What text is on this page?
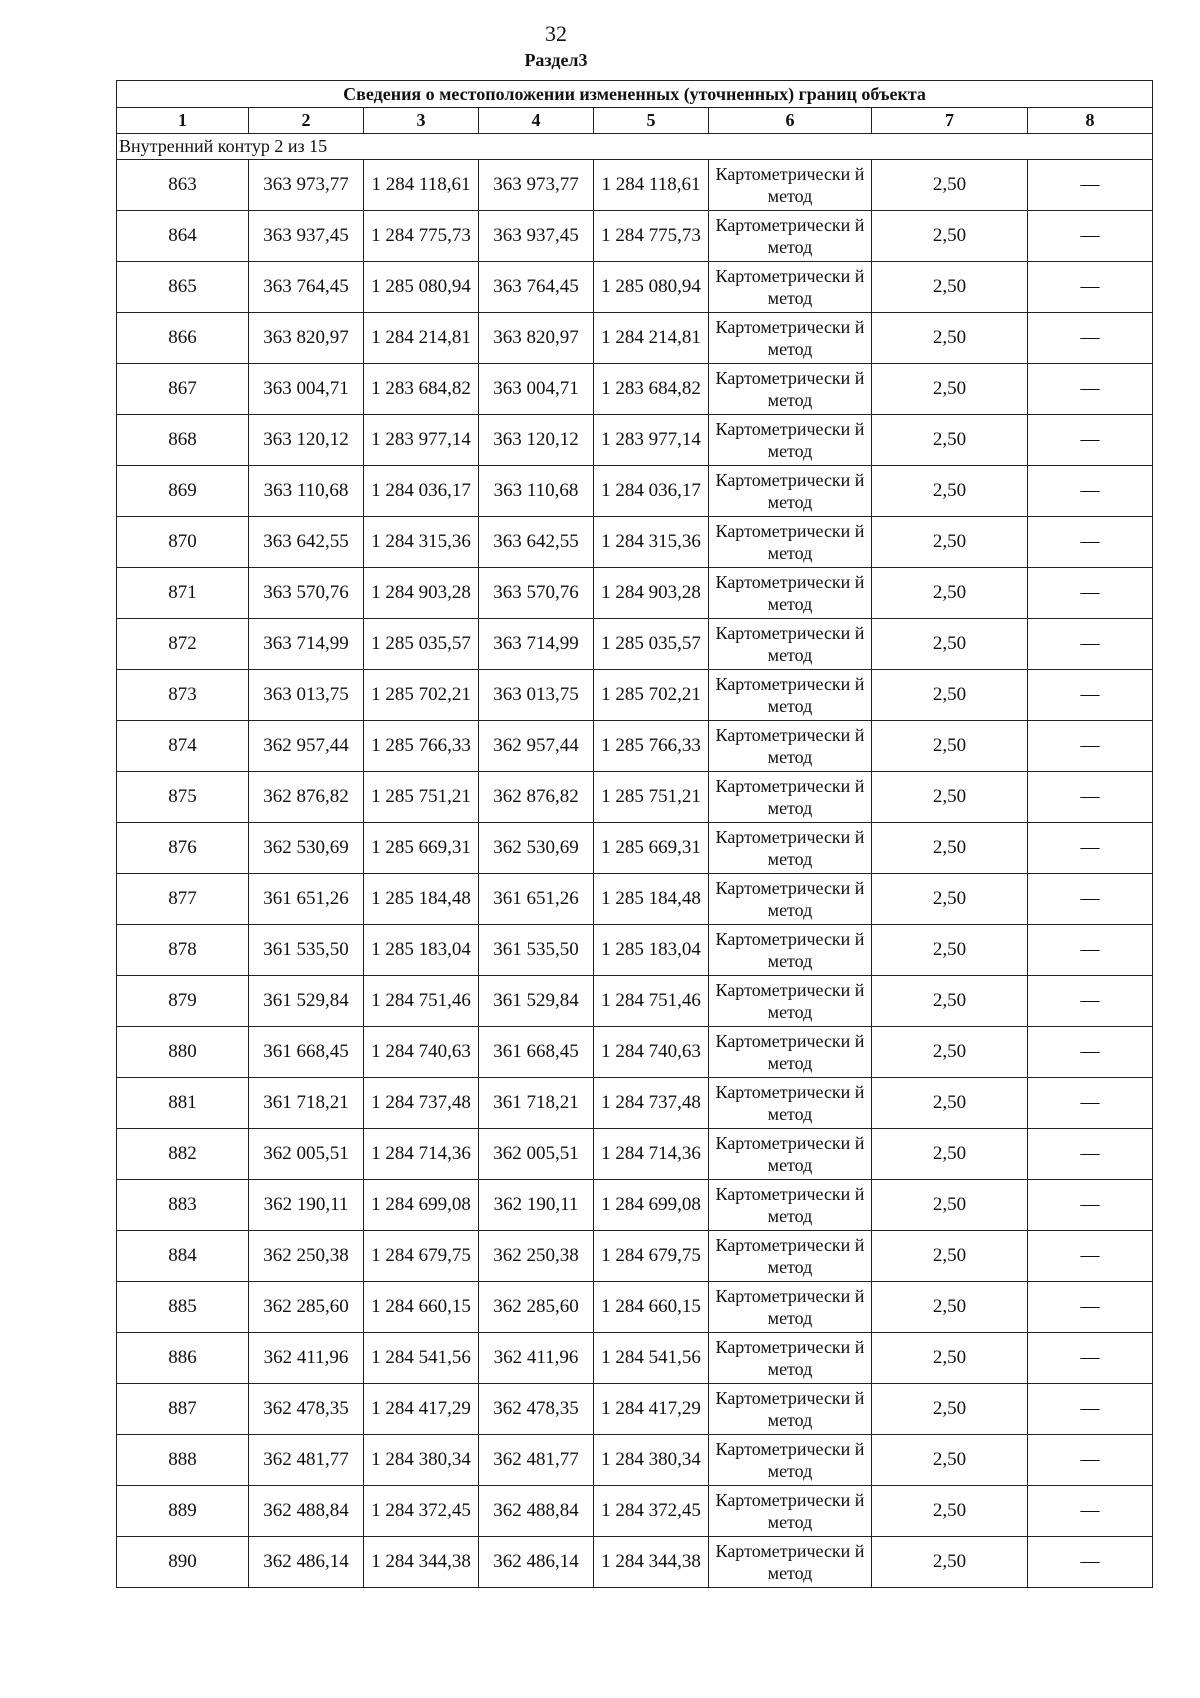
32
Раздел3
Сведения о местоположении измененных (уточненных) границ объекта							
1	2	3	4	5	6	7	8
Внутренний контур 2 из 15							
863	363 973,77	1 284 118,61	363 973,77	1 284 118,61	Картометрически й метод	2,50	—
864	363 937,45	1 284 775,73	363 937,45	1 284 775,73	Картометрически й метод	2,50	—
865	363 764,45	1 285 080,94	363 764,45	1 285 080,94	Картометрически й метод	2,50	—
866	363 820,97	1 284 214,81	363 820,97	1 284 214,81	Картометрически й метод	2,50	—
867	363 004,71	1 283 684,82	363 004,71	1 283 684,82	Картометрически й метод	2,50	—
868	363 120,12	1 283 977,14	363 120,12	1 283 977,14	Картометрически й метод	2,50	—
869	363 110,68	1 284 036,17	363 110,68	1 284 036,17	Картометрически й метод	2,50	—
870	363 642,55	1 284 315,36	363 642,55	1 284 315,36	Картометрически й метод	2,50	—
871	363 570,76	1 284 903,28	363 570,76	1 284 903,28	Картометрически й метод	2,50	—
872	363 714,99	1 285 035,57	363 714,99	1 285 035,57	Картометрически й метод	2,50	—
873	363 013,75	1 285 702,21	363 013,75	1 285 702,21	Картометрически й метод	2,50	—
874	362 957,44	1 285 766,33	362 957,44	1 285 766,33	Картометрически й метод	2,50	—
875	362 876,82	1 285 751,21	362 876,82	1 285 751,21	Картометрически й метод	2,50	—
876	362 530,69	1 285 669,31	362 530,69	1 285 669,31	Картометрически й метод	2,50	—
877	361 651,26	1 285 184,48	361 651,26	1 285 184,48	Картометрически й метод	2,50	—
878	361 535,50	1 285 183,04	361 535,50	1 285 183,04	Картометрически й метод	2,50	—
879	361 529,84	1 284 751,46	361 529,84	1 284 751,46	Картометрически й метод	2,50	—
880	361 668,45	1 284 740,63	361 668,45	1 284 740,63	Картометрически й метод	2,50	—
881	361 718,21	1 284 737,48	361 718,21	1 284 737,48	Картометрически й метод	2,50	—
882	362 005,51	1 284 714,36	362 005,51	1 284 714,36	Картометрически й метод	2,50	—
883	362 190,11	1 284 699,08	362 190,11	1 284 699,08	Картометрически й метод	2,50	—
884	362 250,38	1 284 679,75	362 250,38	1 284 679,75	Картометрически й метод	2,50	—
885	362 285,60	1 284 660,15	362 285,60	1 284 660,15	Картометрически й метод	2,50	—
886	362 411,96	1 284 541,56	362 411,96	1 284 541,56	Картометрически й метод	2,50	—
887	362 478,35	1 284 417,29	362 478,35	1 284 417,29	Картометрически й метод	2,50	—
888	362 481,77	1 284 380,34	362 481,77	1 284 380,34	Картометрически й метод	2,50	—
889	362 488,84	1 284 372,45	362 488,84	1 284 372,45	Картометрически й метод	2,50	—
890	362 486,14	1 284 344,38	362 486,14	1 284 344,38	Картометрически й метод	2,50	—
